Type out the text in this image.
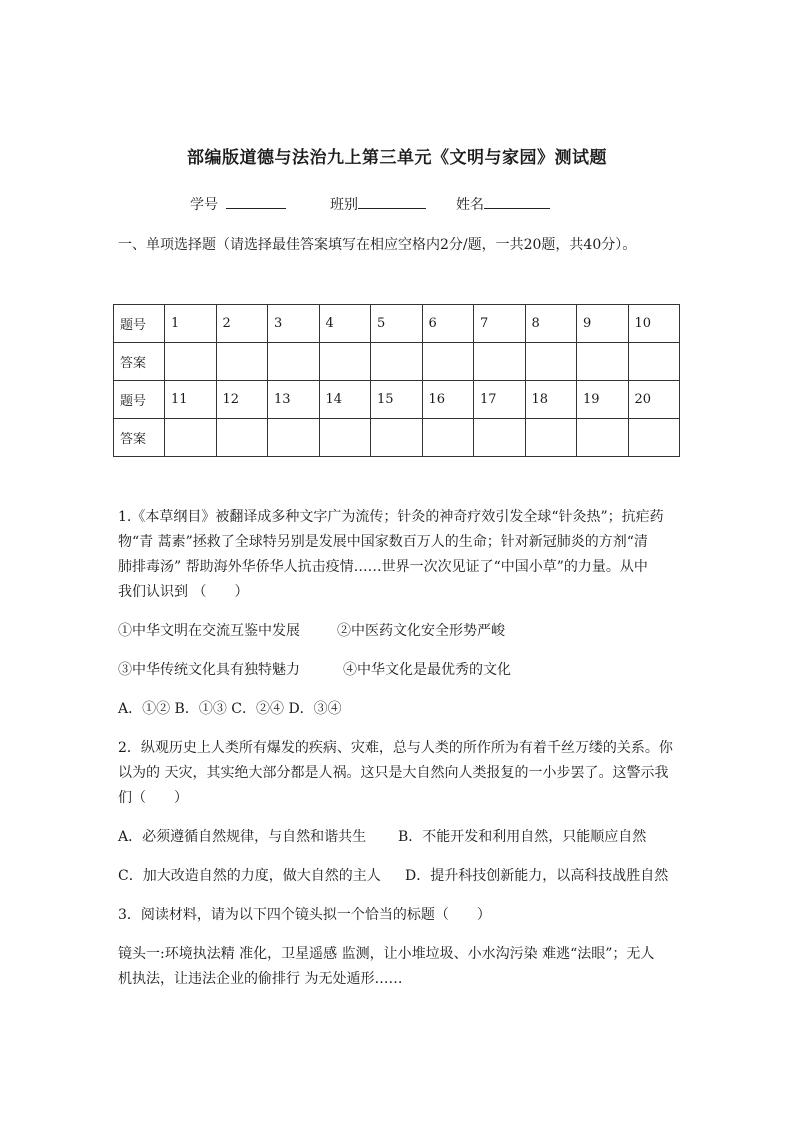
部编版道德与法治九上第三单元《文明与家园》测试题
学号	班别	姓名
一、单项选择题（请选择最佳答案填写在相应空格内2分/题，一共20题，共40分）。
题号	1	2	3	4	5	6	7	8	9	10
答案										
题号	11	12	13	14	15	16	17	18	19	20
答案										
1.《本草纲目》被翻译成多种文字广为流传；针灸的神奇疗效引发全球“针灸热”；抗疟药
物“青 蒿素”拯救了全球特另别是发展中国家数百万人的生命；针对新冠肺炎的方剂“清
肺排毒汤” 帮助海外华侨华人抗击疫情……世界一次次见证了“中国小草”的力量。从中
我们认识到 （　　）
①中华文明在交流互鉴中发展	②中医药文化安全形势严峻
③中华传统文化具有独特魅力	④中华文化是最优秀的文化
A．①② B．①③ C．②④ D．③④
2．纵观历史上人类所有爆发的疾病、灾难，总与人类的所作所为有着千丝万缕的关系。你
以为的 天灾，其实绝大部分都是人祸。这只是大自然向人类报复的一小步罢了。这警示我
们（　　）
A．必须遵循自然规律，与自然和谐共生 B．不能开发和利用自然，只能顺应自然
C．加大改造自然的力度，做大自然的主人 D．提升科技创新能力，以高科技战胜自然
3．阅读材料，请为以下四个镜头拟一个恰当的标题（　　）
镜头一:环境执法精 准化，卫星遥感 监测，让小堆垃圾、小水沟污染 难逃“法眼”；无人
机执法，让违法企业的偷排行 为无处遁形……
